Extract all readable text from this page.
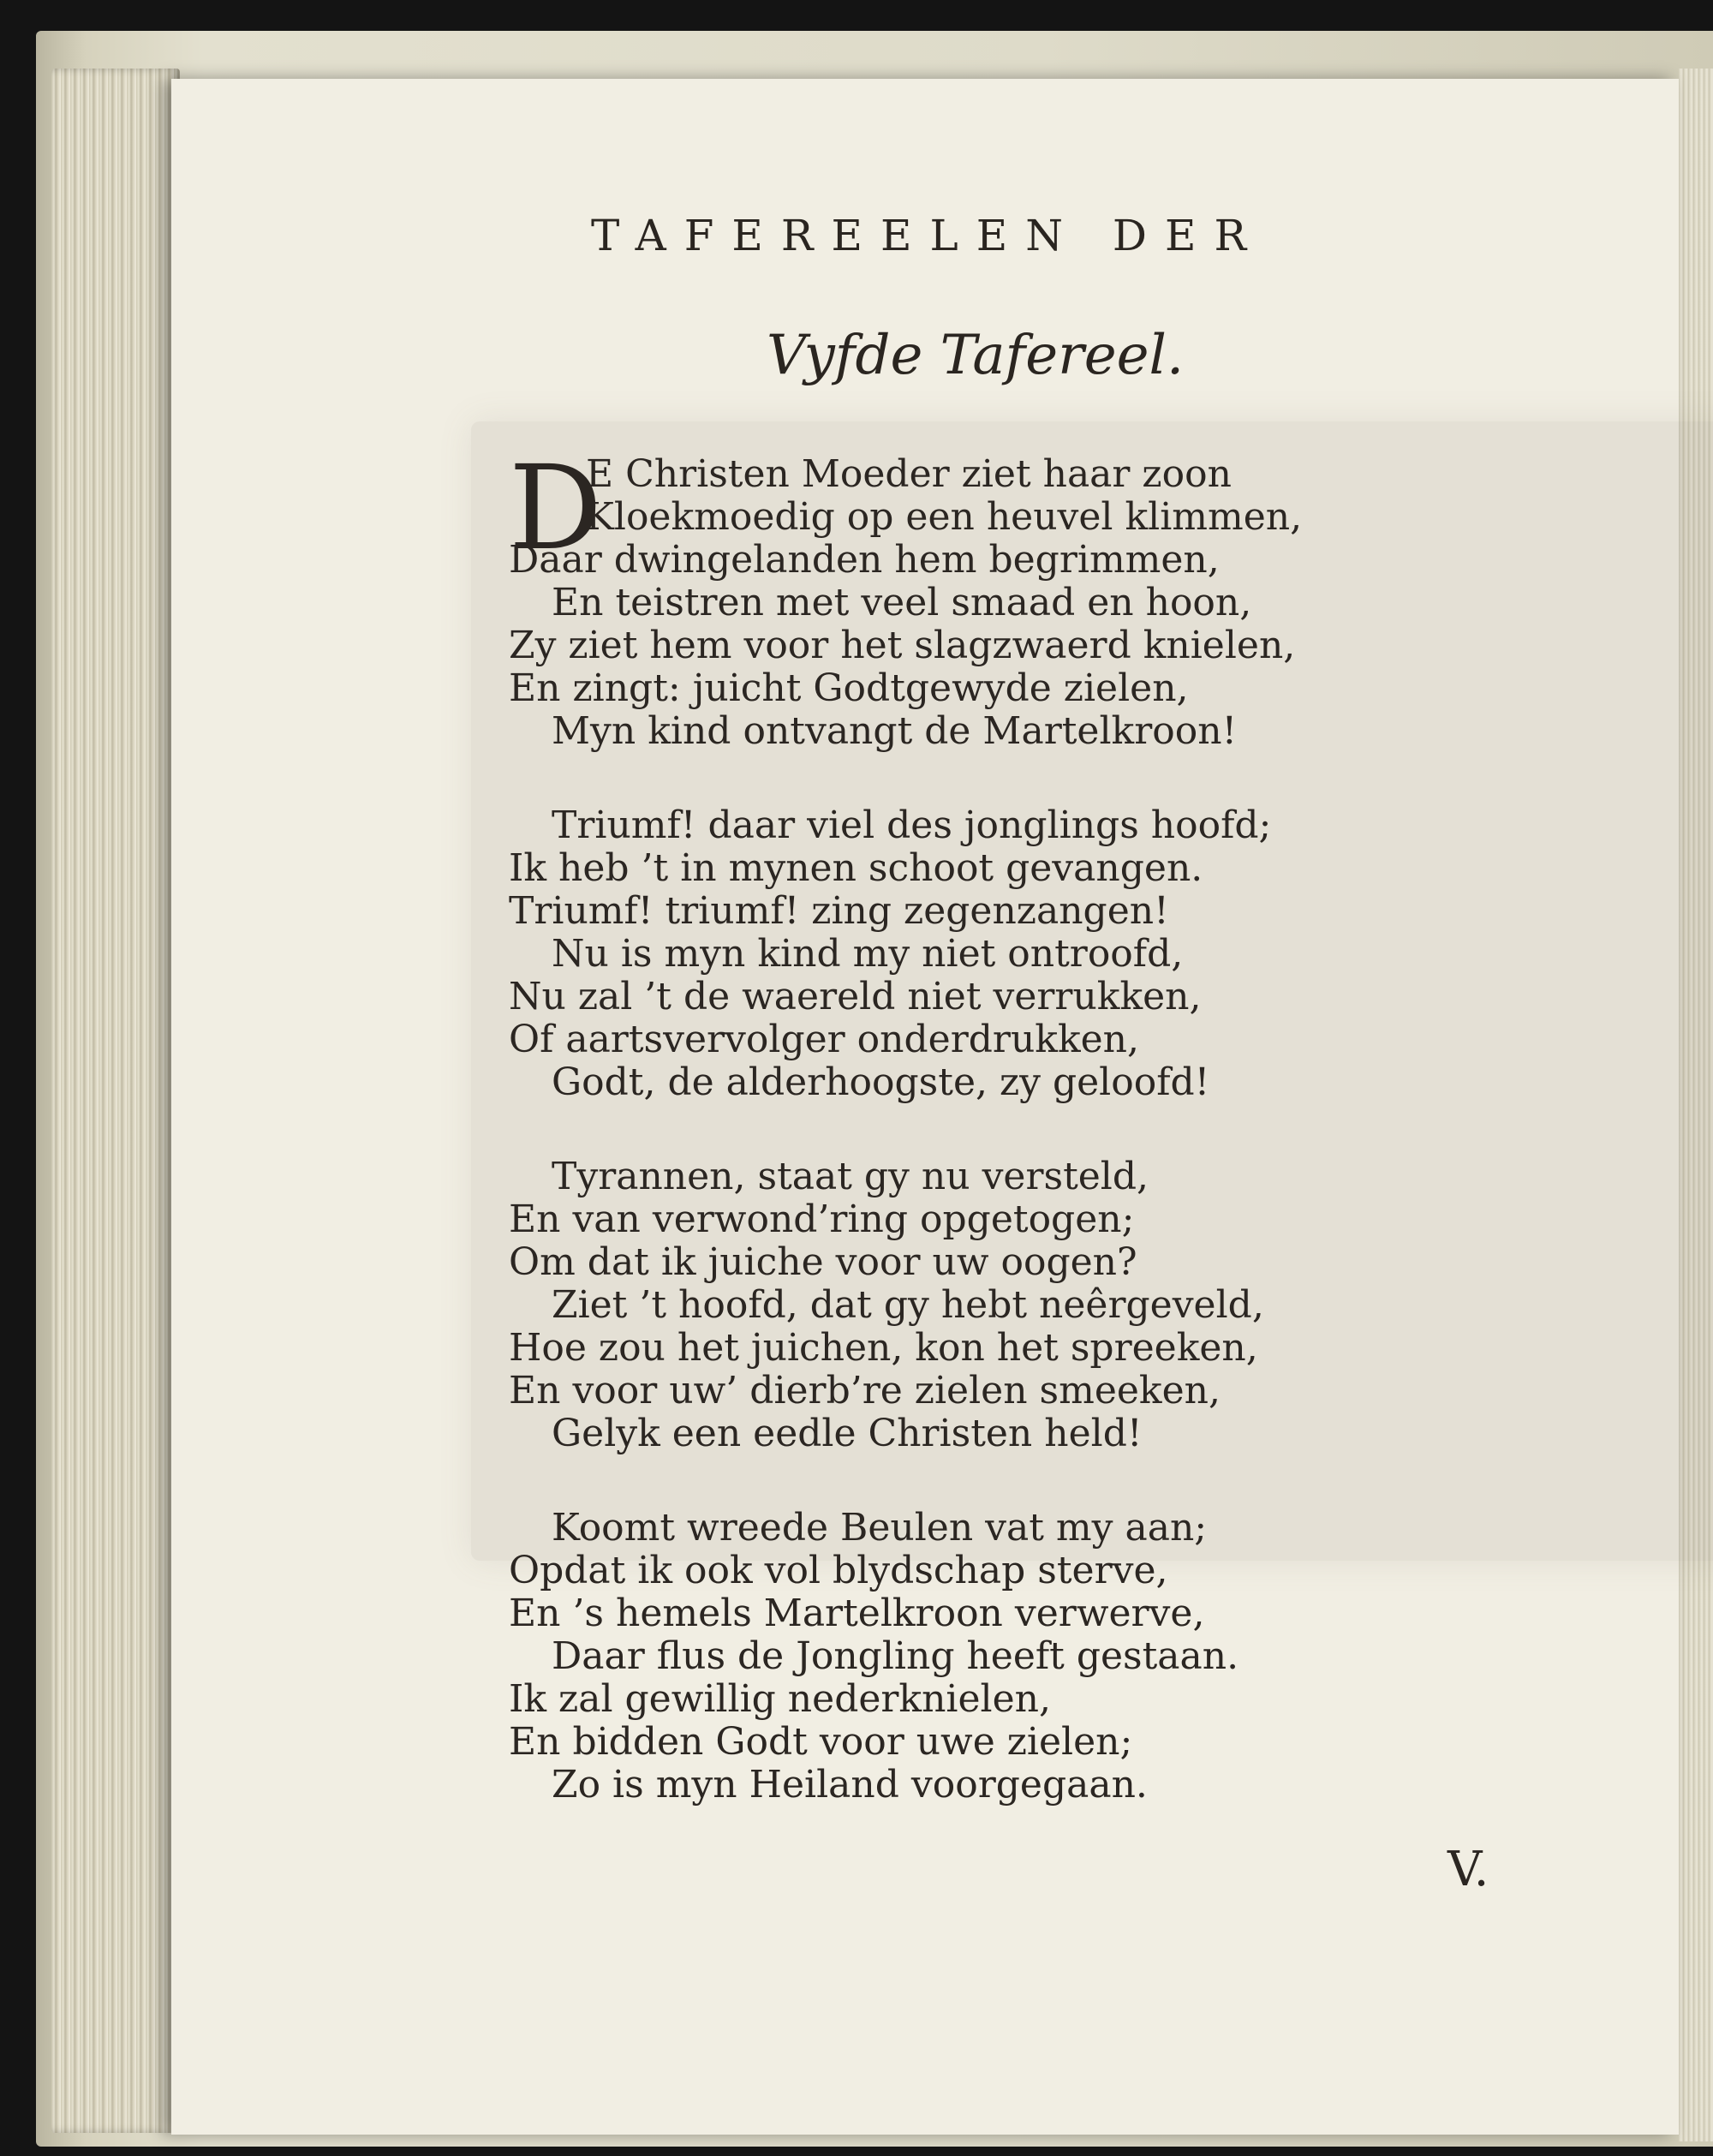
TAFEREELEN DER
Vyfde Tafereel.
D
E Christen Moeder ziet haar zoon
Kloekmoedig op een heuvel klimmen,
Daar dwingelanden hem begrimmen,
En teistren met veel smaad en hoon,
Zy ziet hem voor het slagzwaerd knielen,
En zingt: juicht Godtgewyde zielen,
Myn kind ontvangt de Martelkroon!
Triumf! daar viel des jonglings hoofd;
Ik heb ’t in mynen schoot gevangen.
Triumf! triumf! zing zegenzangen!
Nu is myn kind my niet ontroofd,
Nu zal ’t de waereld niet verrukken,
Of aartsvervolger onderdrukken,
Godt, de alderhoogste, zy geloofd!
Tyrannen, staat gy nu versteld,
En van verwond’ring opgetogen;
Om dat ik juiche voor uw oogen?
Ziet ’t hoofd, dat gy hebt neêrgeveld,
Hoe zou het juichen, kon het spreeken,
En voor uw’ dierb’re zielen smeeken,
Gelyk een eedle Christen held!
Koomt wreede Beulen vat my aan;
Opdat ik ook vol blydschap sterve,
En ’s hemels Martelkroon verwerve,
Daar flus de Jongling heeft gestaan.
Ik zal gewillig nederknielen,
En bidden Godt voor uwe zielen;
Zo is myn Heiland voorgegaan.
V.
